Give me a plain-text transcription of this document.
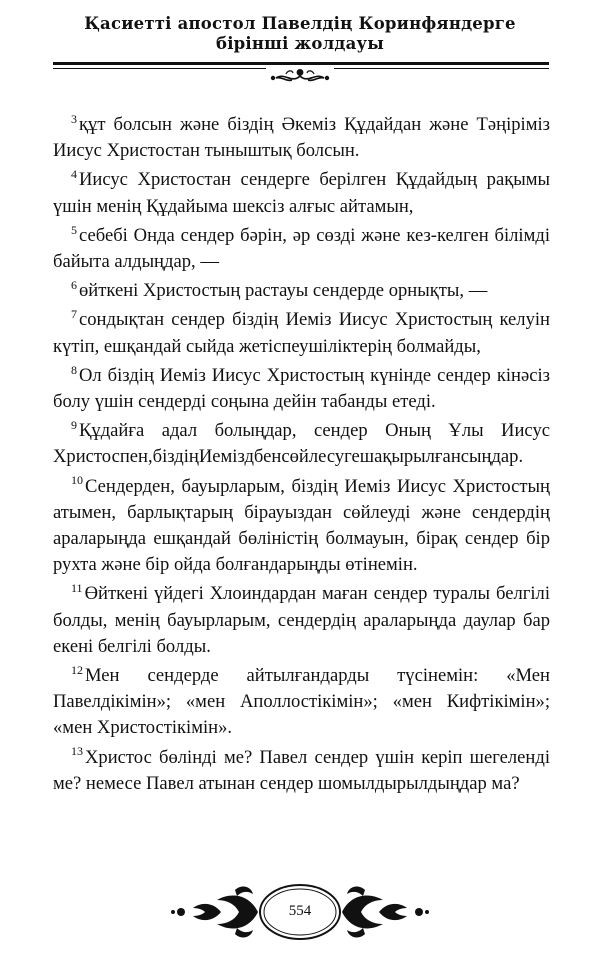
Қасиетті апостол Павелдің Коринфяндерге
бірінші жолдауы

$^3$ құт болсын және біздің Әкеміз Құдайдан және Тәңіріміз Иисус Христостан тыныштық болсын.

$^4$ Иисус Христостан сендерге берілген Құдайдың рақымы үшін менің Құдайыма шексіз алғыс айтамын,

$^5$ себебі Онда сендер бәрін, әр сөзді және кез-келген білімді байыта алдыңдар, —

$^6$ өйткені Христостың растауы сендерде орнықты, —

$^7$ сондықтан сендер біздің Иеміз Иисус Христостың келуін күтіп, ешқандай сыйда жетіспеушіліктерің болмайды,

$^8$ Ол біздің Иеміз Иисус Христостың күнінде сендер кінәсіз болу үшін сендерді соңына дейін табанды етеді.

$^9$ Құдайға адал болыңдар, сендер Оның Ұлы Иисус Христоспен,біздіңИеміздбенсөйлесугешақырылғансыңдар.

$^{10}$ Сендерден, бауырларым, біздің Иеміз Иисус Христостың атымен, барлықтарың бірауыздан сөйлеуді және сендердің араларыңда ешқандай бөліністің болмауын, бірақ сендер бір рухта және бір ойда болғандарыңды өтінемін.

$^{11}$ Өйткені үйдегі Хлоиндардан маған сендер туралы белгілі болды, менің бауырларым, сендердің араларыңда даулар бар екені белгілі болды.

$^{12}$ Мен сендерде айтылғандарды түсінемін: «Мен Павелдікімін»; «мен Аполлостікімін»; «мен Кифтікімін»; «мен Христостікімін».

$^{13}$ Христос бөлінді ме? Павел сендер үшін керіп шегеленді ме? немесе Павел атынан сендер шомылдырылдыңдар ма?

554
